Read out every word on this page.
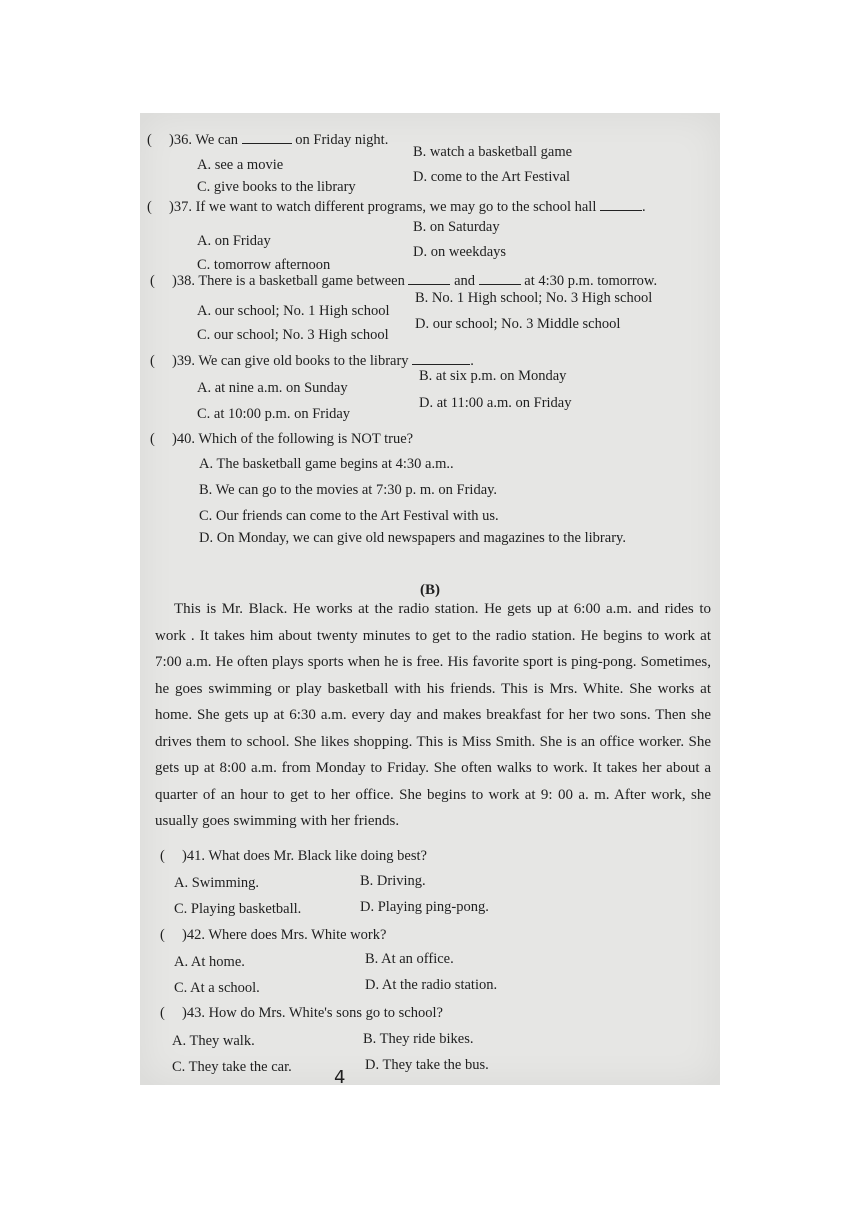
( )36. We can	on Friday night.
A. see a movie
B. watch a basketball game
C. give books to the library
D. come to the Art Festival
( )37. If we want to watch different programs, we may go to the school hall	.
A. on Friday
B. on Saturday
C. tomorrow afternoon
D. on weekdays
( )38. There is a basketball game between	and	at 4:30 p.m. tomorrow.
A. our school; No. 1 High school
B. No. 1 High school; No. 3 High school
C. our school; No. 3 High school
D. our school; No. 3 Middle school
( )39. We can give old books to the library	.
A. at nine a.m. on Sunday
B. at six p.m. on Monday
C. at 10:00 p.m. on Friday
D. at 11:00 a.m. on Friday
( )40. Which of the following is NOT true?
A. The basketball game begins at 4:30 a.m..
B. We can go to the movies at 7:30 p. m. on Friday.
C. Our friends can come to the Art Festival with us.
D. On Monday, we can give old newspapers and magazines to the library.
(B)
This is Mr. Black. He works at the radio station. He gets up at 6:00 a.m. and rides to
work . It takes him about twenty minutes to get to the radio station. He begins to work at
7:00 a.m. He often plays sports when he is free. His favorite sport is ping-pong. Sometimes,
he goes swimming or play basketball with his friends. This is Mrs. White. She works at
home. She gets up at 6:30 a.m. every day and makes breakfast for her two sons. Then she
drives them to school. She likes shopping. This is Miss Smith. She is an office worker. She
gets up at 8:00 a.m. from Monday to Friday. She often walks to work. It takes her about a
quarter of an hour to get to her office. She begins to work at 9: 00 a. m. After work, she
usually goes swimming with her friends.
( )41. What does Mr. Black like doing best?
A. Swimming.	B. Driving.
C. Playing basketball.	D. Playing ping-pong.
( )42. Where does Mrs. White work?
A. At home.	B. At an office.
C. At a school.	D. At the radio station.
( )43. How do Mrs. White's sons go to school?
A. They walk.	B. They ride bikes.
C. They take the car.	D. They take the bus.
4
